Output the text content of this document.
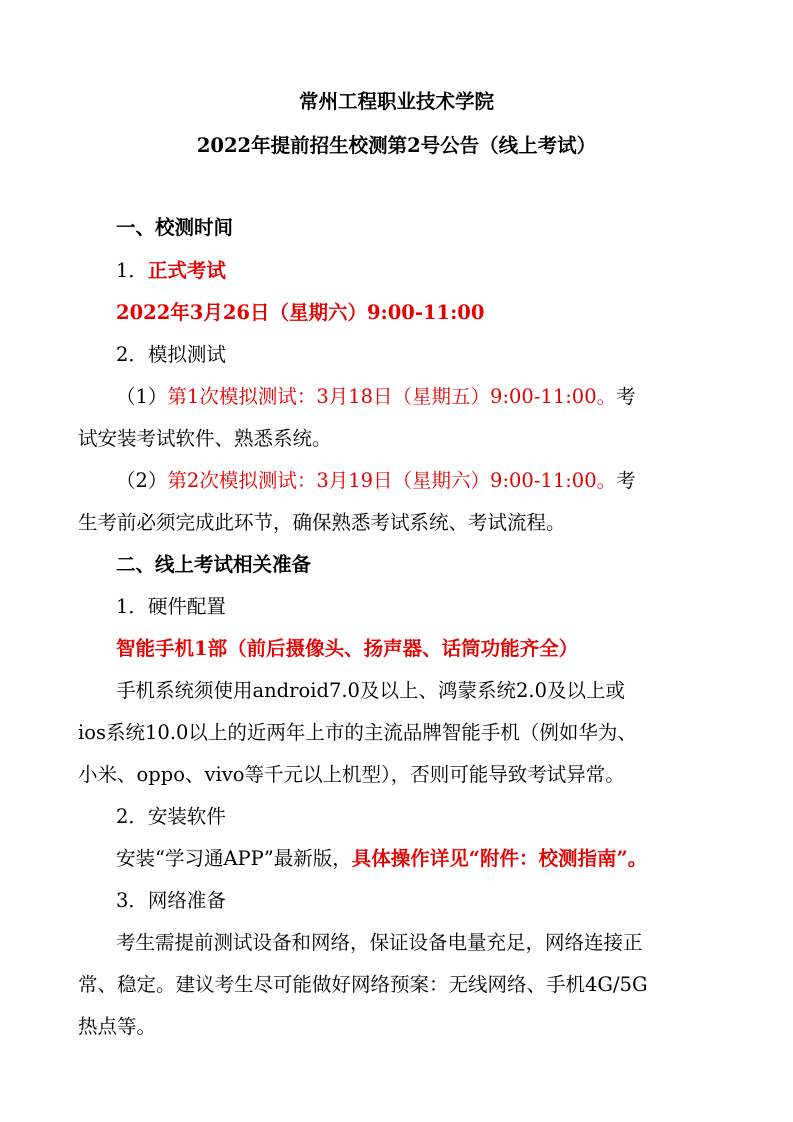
常州工程职业技术学院
2022年提前招生校测第2号公告（线上考试）
一、校测时间
1．正式考试
2022年3月26日（星期六）9:00-11:00
2．模拟测试
（1）第1次模拟测试：3月18日（星期五）9:00-11:00。考
试安装考试软件、熟悉系统。
（2）第2次模拟测试：3月19日（星期六）9:00-11:00。考
生考前必须完成此环节，确保熟悉考试系统、考试流程。
二、线上考试相关准备
1．硬件配置
智能手机1部（前后摄像头、扬声器、话筒功能齐全）
手机系统须使用android7.0及以上、鸿蒙系统2.0及以上或
ios系统10.0以上的近两年上市的主流品牌智能手机（例如华为、
小米、oppo、vivo等千元以上机型），否则可能导致考试异常。
2．安装软件
安装“学习通APP”最新版，具体操作详见“附件：校测指南”。
3．网络准备
考生需提前测试设备和网络，保证设备电量充足，网络连接正
常、稳定。建议考生尽可能做好网络预案：无线网络、手机4G/5G
热点等。
